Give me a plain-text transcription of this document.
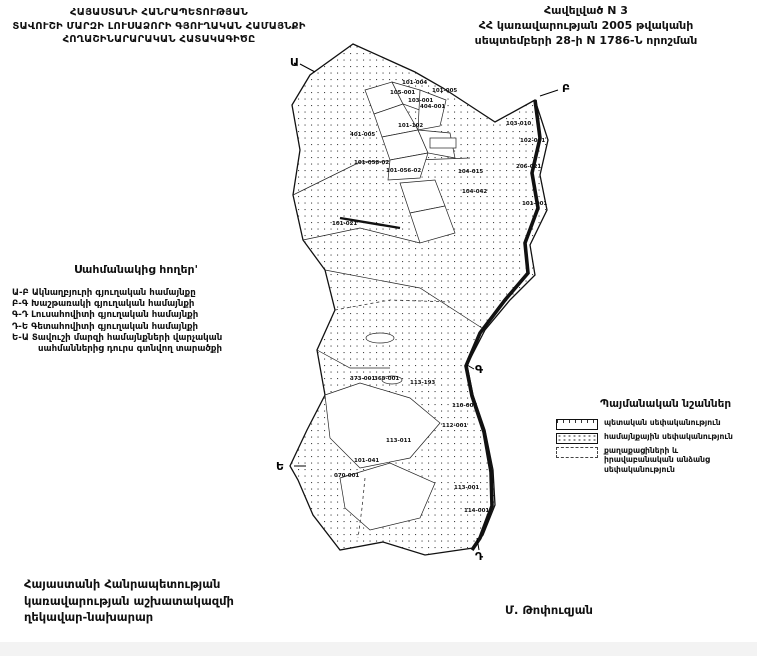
ՀԱՅԱՍՏԱՆԻ ՀԱՆՐԱՊԵՏՈՒԹՅԱՆ
ՏԱՎՈՒՇԻ ՄԱՐԶԻ ԼՈՒՍԱՁՈՐԻ ԳՅՈՒՂԱԿԱՆ ՀԱՄԱՅՆՔԻ
ՀՈՂԱՇԻՆԱՐԱՐԱԿԱՆ ՀԱՏԱԿԱԳԻԾԸ
Հավելված N 3
ՀՀ կառավարության 2005 թվականի
սեպտեմբերի 28-ի N 1786-Ն որոշման
Ա
Բ
Գ
Դ
Ե
101-004
105-001
103-001
101-005
404-001
101-102
401-005
103-010
102-001
101-058-02
101-056-02	104-015
104-042
206-021
101-001
101-021
373-001
365-001
113-193
110-007
112-001
113-011
101-041
070-001
113-001
114-001
Սահմանակից հողեր'
Ա-Բ Ակնաղբյուրի գյուղական համայնքը
Բ-Գ Խաշթառակի գյուղական համայնքի
Գ-Դ Լուսահովիտի գյուղական համայնքի
Դ-Ե Գետահովիտի գյուղական համայնքի
Ե-Ա Տավուշի մարզի համայնքների վարչական
սահմաններից դուրս գտնվող տարածքի
Պայմանական նշաններ
պետական սեփականություն
համայնքային սեփականություն
քաղաքացիների և իրավաբանական անձանց սեփականություն
Հայաստանի Հանրապետության
կառավարության աշխատակազմի
ղեկավար-նախարար
Մ. Թոփուզյան
